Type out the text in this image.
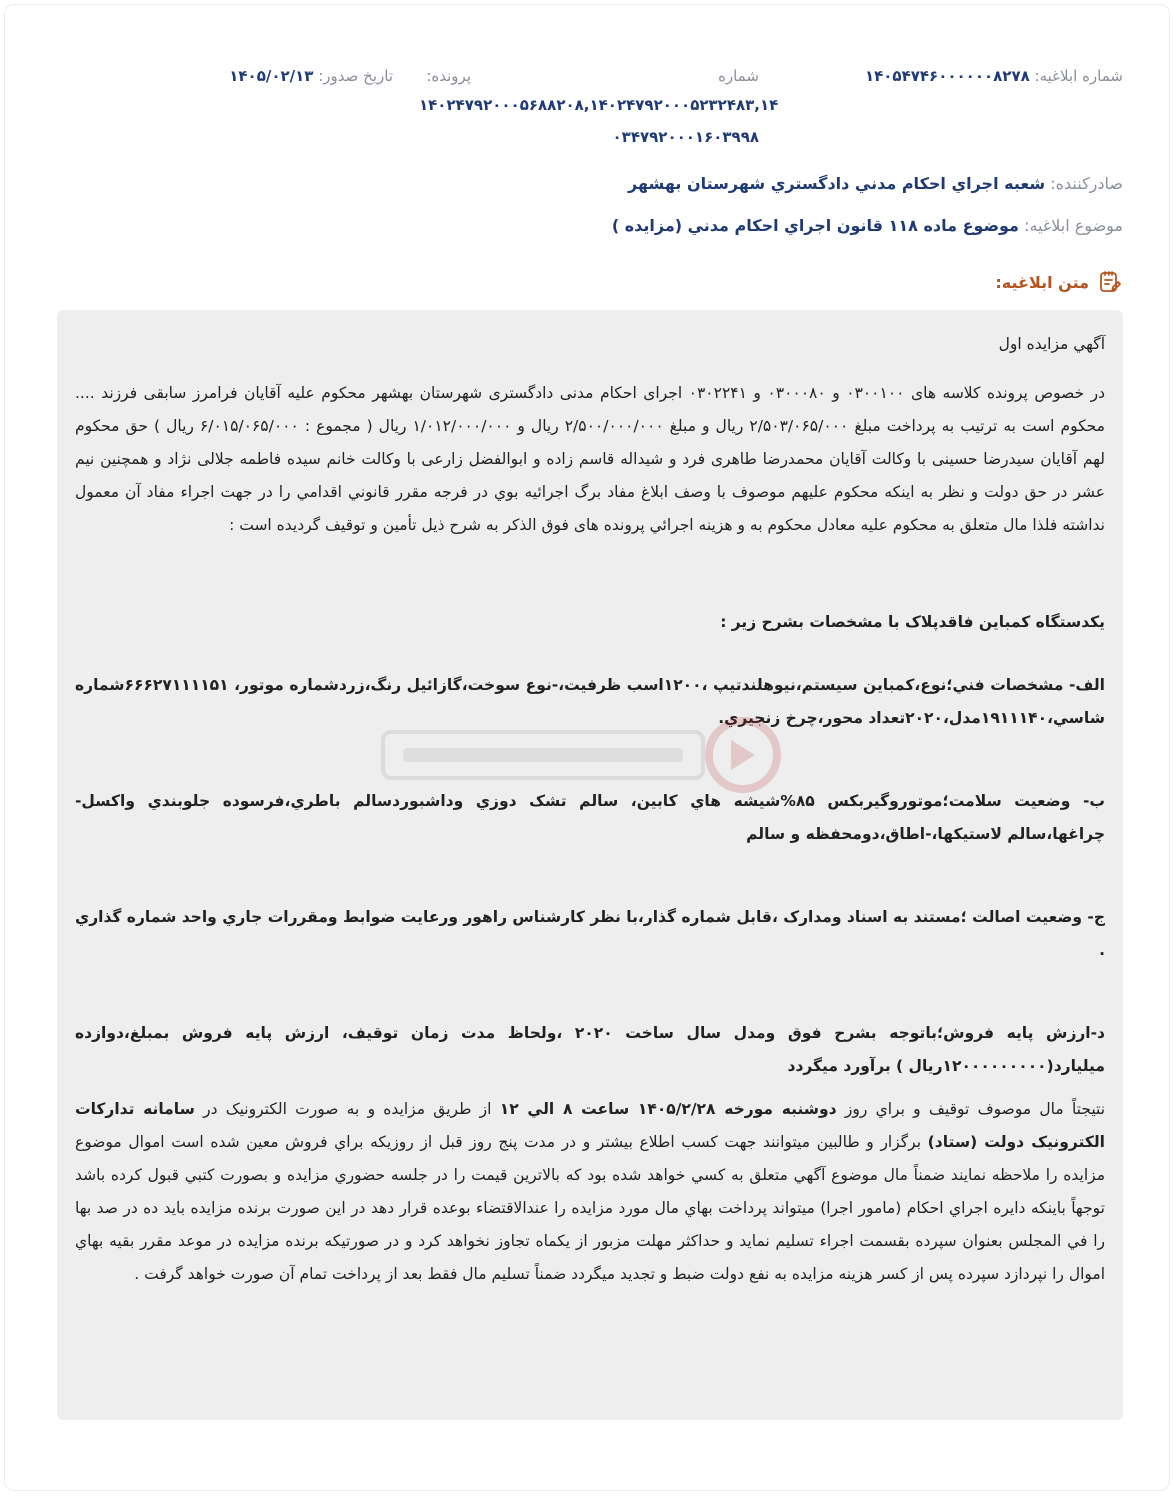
شماره ابلاغيه: ۱۴۰۵۴۷۴۶۰۰۰۰۰۰۸۲۷۸
شماره
پرونده:
تاريخ صدور: ۱۴۰۵/۰۲/۱۳
۱۴۰۲۴۷۹۲۰۰۰۵۶۸۸۲۰۸,۱۴۰۲۴۷۹۲۰۰۰۵۲۳۲۴۸۳,۱۴
۰۳۴۷۹۲۰۰۰۱۶۰۳۹۹۸
صادرکننده: شعبه اجراي احکام مدني دادگستري شهرستان بهشهر
موضوع ابلاغيه: موضوع ماده ۱۱۸ قانون اجراي احکام مدني (مزايده )
متن ابلاغيه:

آگهي مزايده اول

در خصوص پرونده کلاسه های ۰۳۰۰۱۰۰ و ۰۳۰۰۰۸۰ و ۰۳۰۲۲۴۱ اجرای احکام مدنی دادگستری شهرستان بهشهر محکوم علیه آقایان فرامرز سابقی فرزند .... محکوم است به ترتیب به پرداخت مبلغ ۲/۵۰۳/۰۶۵/۰۰۰ ریال و مبلغ ۲/۵۰۰/۰۰۰/۰۰۰ ریال و ۱/۰۱۲/۰۰۰/۰۰۰ ریال ( مجموع : ۶/۰۱۵/۰۶۵/۰۰۰ ریال ) حق محکوم لهم آقایان سیدرضا حسینی با وکالت آقایان محمدرضا طاهری فرد و شیداله قاسم زاده و ابوالفضل زارعی با وکالت خانم سیده فاطمه جلالی نژاد و همچنین نیم عشر در حق دولت و نظر به اینکه محکوم علیهم موصوف با وصف ابلاغ مفاد برگ اجرائيه بوي در فرجه مقرر قانوني اقدامي را در جهت اجراء مفاد آن معمول نداشته فلذا مال متعلق به محکوم عليه معادل محکوم به و هزينه اجرائي پرونده های فوق الذکر به شرح ذيل تأمين و توقيف گرديده است :

يکدستگاه کمباين فاقدپلاک با مشخصات بشرح زير :

الف- مشخصات فني؛نوع،کمباين سيستم،نيوهلندتيپ ،۱۲۰۰اسب ظرفيت،-نوع سوخت،گازائيل رنگ،زردشماره موتور، ۶۶۶۲۷۱۱۱۱۵۱شماره شاسي،۱۹۱۱۱۴۰مدل،۲۰۲۰تعداد محور،چرخ زنجيري.

ب- وضعيت سلامت؛موتوروگيربکس ۸۵%شيشه هاي کابين، سالم تشک دوزي وداشبوردسالم باطري،فرسوده جلوبندي واکسل-چراغها،سالم لاستيکها،-اطاق،دومحفظه و سالم

ج- وضعيت اصالت ؛مستند به اسناد ومدارک ،قابل شماره گذار،با نظر کارشناس راهور ورعايت ضوابط ومقررات جاري واحد شماره گذاري .

د-ارزش پايه فروش؛باتوجه بشرح فوق ومدل سال ساخت ۲۰۲۰ ،ولحاظ مدت زمان توقيف، ارزش پايه فروش بمبلغ،دوازده ميليارد(۱۲۰۰۰۰۰۰۰۰۰ريال ) برآورد ميگردد

نتيجتاً مال موصوف توقيف و براي روز دوشنبه مورخه ۱۴۰۵/۲/۲۸ ساعت ۸ الي ۱۲ از طريق مزايده و به صورت الکترونيک در سامانه تدارکات الکترونيک دولت (ستاد) برگزار و طالبين ميتوانند جهت کسب اطلاع بيشتر و در مدت پنج روز قبل از روزيکه براي فروش معين شده است اموال موضوع مزايده را ملاحظه نمايند ضمناً مال موضوع آگهي متعلق به کسي خواهد شده بود که بالاترين قيمت را در جلسه حضوري مزايده و بصورت کتبي قبول کرده باشد توجهاً باينکه دايره اجراي احکام (مامور اجرا) ميتواند پرداخت بهاي مال مورد مزايده را عندالاقتضاء بوعده قرار دهد در اين صورت برنده مزايده بايد ده در صد بها را في المجلس بعنوان سپرده بقسمت اجراء تسليم نمايد و حداکثر مهلت مزبور از يکماه تجاوز نخواهد کرد و در صورتيکه برنده مزايده در موعد مقرر بقيه بهاي اموال را نپردازد سپرده پس از کسر هزينه مزايده به نفع دولت ضبط و تجديد ميگردد ضمناً تسليم مال فقط بعد از پرداخت تمام آن صورت خواهد گرفت .
